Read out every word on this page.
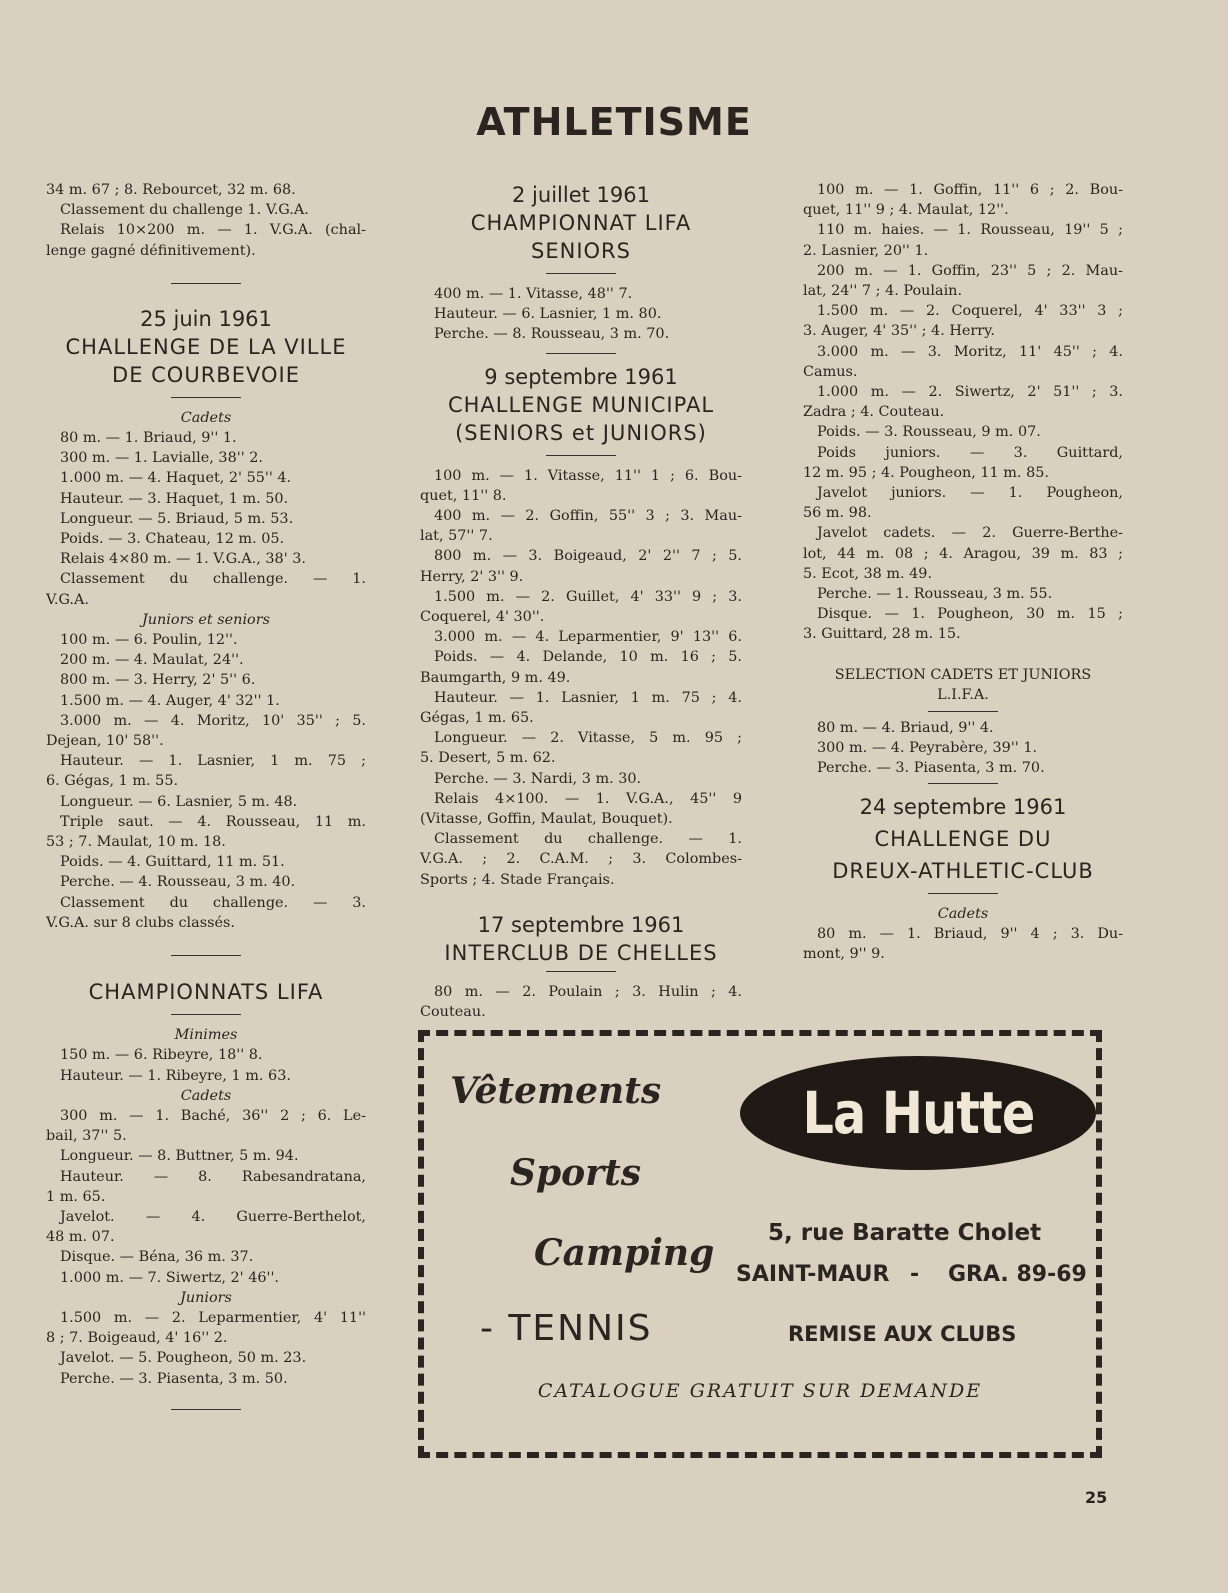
ATHLETISME
34 m. 67 ; 8. Rebourcet, 32 m. 68.
Classement du challenge 1. V.G.A.
Relais 10×200 m. — 1. V.G.A. (chal-
lenge gagné définitivement).
25 juin 1961
CHALLENGE DE LA VILLE
DE COURBEVOIE
Cadets
80 m. — 1. Briaud, 9'' 1.
300 m. — 1. Lavialle, 38'' 2.
1.000 m. — 4. Haquet, 2' 55'' 4.
Hauteur. — 3. Haquet, 1 m. 50.
Longueur. — 5. Briaud, 5 m. 53.
Poids. — 3. Chateau, 12 m. 05.
Relais 4×80 m. — 1. V.G.A., 38' 3.
Classement du challenge. — 1.
V.G.A.
Juniors et seniors
100 m. — 6. Poulin, 12''.
200 m. — 4. Maulat, 24''.
800 m. — 3. Herry, 2' 5'' 6.
1.500 m. — 4. Auger, 4' 32'' 1.
3.000 m. — 4. Moritz, 10' 35'' ; 5.
Dejean, 10' 58''.
Hauteur. — 1. Lasnier, 1 m. 75 ;
6. Gégas, 1 m. 55.
Longueur. — 6. Lasnier, 5 m. 48.
Triple saut. — 4. Rousseau, 11 m.
53 ; 7. Maulat, 10 m. 18.
Poids. — 4. Guittard, 11 m. 51.
Perche. — 4. Rousseau, 3 m. 40.
Classement du challenge. — 3.
V.G.A. sur 8 clubs classés.
CHAMPIONNATS LIFA
Minimes
150 m. — 6. Ribeyre, 18'' 8.
Hauteur. — 1. Ribeyre, 1 m. 63.
Cadets
300 m. — 1. Baché, 36'' 2 ; 6. Le-
bail, 37'' 5.
Longueur. — 8. Buttner, 5 m. 94.
Hauteur. — 8. Rabesandratana,
1 m. 65.
Javelot. — 4. Guerre-Berthelot,
48 m. 07.
Disque. — Béna, 36 m. 37.
1.000 m. — 7. Siwertz, 2' 46''.
Juniors
1.500 m. — 2. Leparmentier, 4' 11''
8 ; 7. Boigeaud, 4' 16'' 2.
Javelot. — 5. Pougheon, 50 m. 23.
Perche. — 3. Piasenta, 3 m. 50.
2 juillet 1961
CHAMPIONNAT LIFA
SENIORS
400 m. — 1. Vitasse, 48'' 7.
Hauteur. — 6. Lasnier, 1 m. 80.
Perche. — 8. Rousseau, 3 m. 70.
9 septembre 1961
CHALLENGE MUNICIPAL
(SENIORS et JUNIORS)
100 m. — 1. Vitasse, 11'' 1 ; 6. Bou-
quet, 11'' 8.
400 m. — 2. Goffin, 55'' 3 ; 3. Mau-
lat, 57'' 7.
800 m. — 3. Boigeaud, 2' 2'' 7 ; 5.
Herry, 2' 3'' 9.
1.500 m. — 2. Guillet, 4' 33'' 9 ; 3.
Coquerel, 4' 30''.
3.000 m. — 4. Leparmentier, 9' 13'' 6.
Poids. — 4. Delande, 10 m. 16 ; 5.
Baumgarth, 9 m. 49.
Hauteur. — 1. Lasnier, 1 m. 75 ; 4.
Gégas, 1 m. 65.
Longueur. — 2. Vitasse, 5 m. 95 ;
5. Desert, 5 m. 62.
Perche. — 3. Nardi, 3 m. 30.
Relais 4×100. — 1. V.G.A., 45'' 9
(Vitasse, Goffin, Maulat, Bouquet).
Classement du challenge. — 1.
V.G.A. ; 2. C.A.M. ; 3. Colombes-
Sports ; 4. Stade Français.
17 septembre 1961
INTERCLUB DE CHELLES
80 m. — 2. Poulain ; 3. Hulin ; 4.
Couteau.
100 m. — 1. Goffin, 11'' 6 ; 2. Bou-
quet, 11'' 9 ; 4. Maulat, 12''.
110 m. haies. — 1. Rousseau, 19'' 5 ;
2. Lasnier, 20'' 1.
200 m. — 1. Goffin, 23'' 5 ; 2. Mau-
lat, 24'' 7 ; 4. Poulain.
1.500 m. — 2. Coquerel, 4' 33'' 3 ;
3. Auger, 4' 35'' ; 4. Herry.
3.000 m. — 3. Moritz, 11' 45'' ; 4.
Camus.
1.000 m. — 2. Siwertz, 2' 51'' ; 3.
Zadra ; 4. Couteau.
Poids. — 3. Rousseau, 9 m. 07.
Poids juniors. — 3. Guittard,
12 m. 95 ; 4. Pougheon, 11 m. 85.
Javelot juniors. — 1. Pougheon,
56 m. 98.
Javelot cadets. — 2. Guerre-Berthe-
lot, 44 m. 08 ; 4. Aragou, 39 m. 83 ;
5. Ecot, 38 m. 49.
Perche. — 1. Rousseau, 3 m. 55.
Disque. — 1. Pougheon, 30 m. 15 ;
3. Guittard, 28 m. 15.
SELECTION CADETS ET JUNIORS
L.I.F.A.
80 m. — 4. Briaud, 9'' 4.
300 m. — 4. Peyrabère, 39'' 1.
Perche. — 3. Piasenta, 3 m. 70.
24 septembre 1961
CHALLENGE DU
DREUX-ATHLETIC-CLUB
Cadets
80 m. — 1. Briaud, 9'' 4 ; 3. Du-
mont, 9'' 9.
Vêtements
Sports
Camping
- TENNIS
La Hutte
5, rue Baratte Cholet
SAINT-MAUR - GRA. 89-69
REMISE AUX CLUBS
CATALOGUE GRATUIT SUR DEMANDE
25
